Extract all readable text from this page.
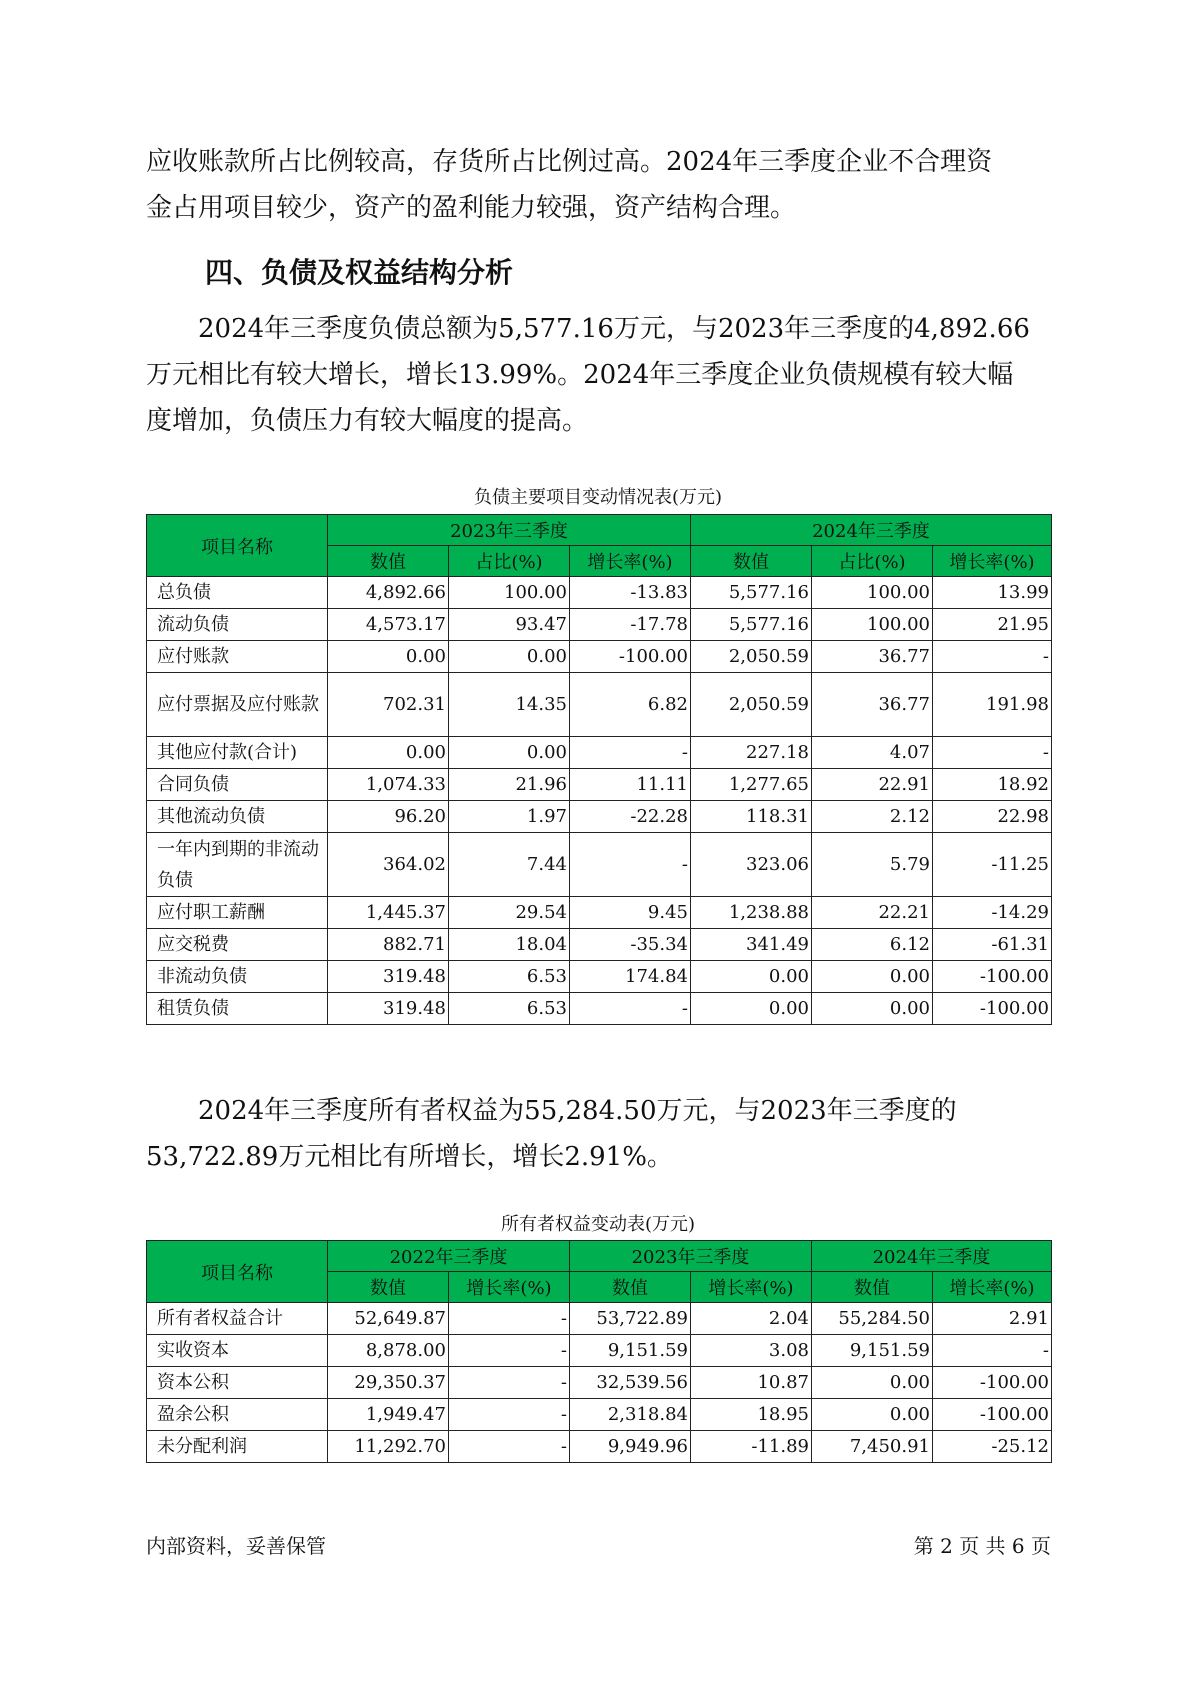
应收账款所占比例较高，存货所占比例过高。2024年三季度企业不合理资
金占用项目较少，资产的盈利能力较强，资产结构合理。

四、负债及权益结构分析

2024年三季度负债总额为5,577.16万元，与2023年三季度的4,892.66
万元相比有较大增长，增长13.99%。2024年三季度企业负债规模有较大幅
度增加，负债压力有较大幅度的提高。

负债主要项目变动情况表(万元)

项目名称	2023年三季度			2024年三季度		
	数值	占比(%)	增长率(%)	数值	占比(%)	增长率(%)
总负债	4,892.66	100.00	-13.83	5,577.16	100.00	13.99
流动负债	4,573.17	93.47	-17.78	5,577.16	100.00	21.95
应付账款	0.00	0.00	-100.00	2,050.59	36.77	-
应付票据及应付账款	702.31	14.35	6.82	2,050.59	36.77	191.98
其他应付款(合计)	0.00	0.00	-	227.18	4.07	-
合同负债	1,074.33	21.96	11.11	1,277.65	22.91	18.92
其他流动负债	96.20	1.97	-22.28	118.31	2.12	22.98
一年内到期的非流动负债	364.02	7.44	-	323.06	5.79	-11.25
应付职工薪酬	1,445.37	29.54	9.45	1,238.88	22.21	-14.29
应交税费	882.71	18.04	-35.34	341.49	6.12	-61.31
非流动负债	319.48	6.53	174.84	0.00	0.00	-100.00
租赁负债	319.48	6.53	-	0.00	0.00	-100.00

2024年三季度所有者权益为55,284.50万元，与2023年三季度的
53,722.89万元相比有所增长，增长2.91%。

所有者权益变动表(万元)

项目名称	2022年三季度		2023年三季度		2024年三季度	
	数值	增长率(%)	数值	增长率(%)	数值	增长率(%)
所有者权益合计	52,649.87	-	53,722.89	2.04	55,284.50	2.91
实收资本	8,878.00	-	9,151.59	3.08	9,151.59	-
资本公积	29,350.37	-	32,539.56	10.87	0.00	-100.00
盈余公积	1,949.47	-	2,318.84	18.95	0.00	-100.00
未分配利润	11,292.70	-	9,949.96	-11.89	7,450.91	-25.12

内部资料，妥善保管	第 2 页 共 6 页
